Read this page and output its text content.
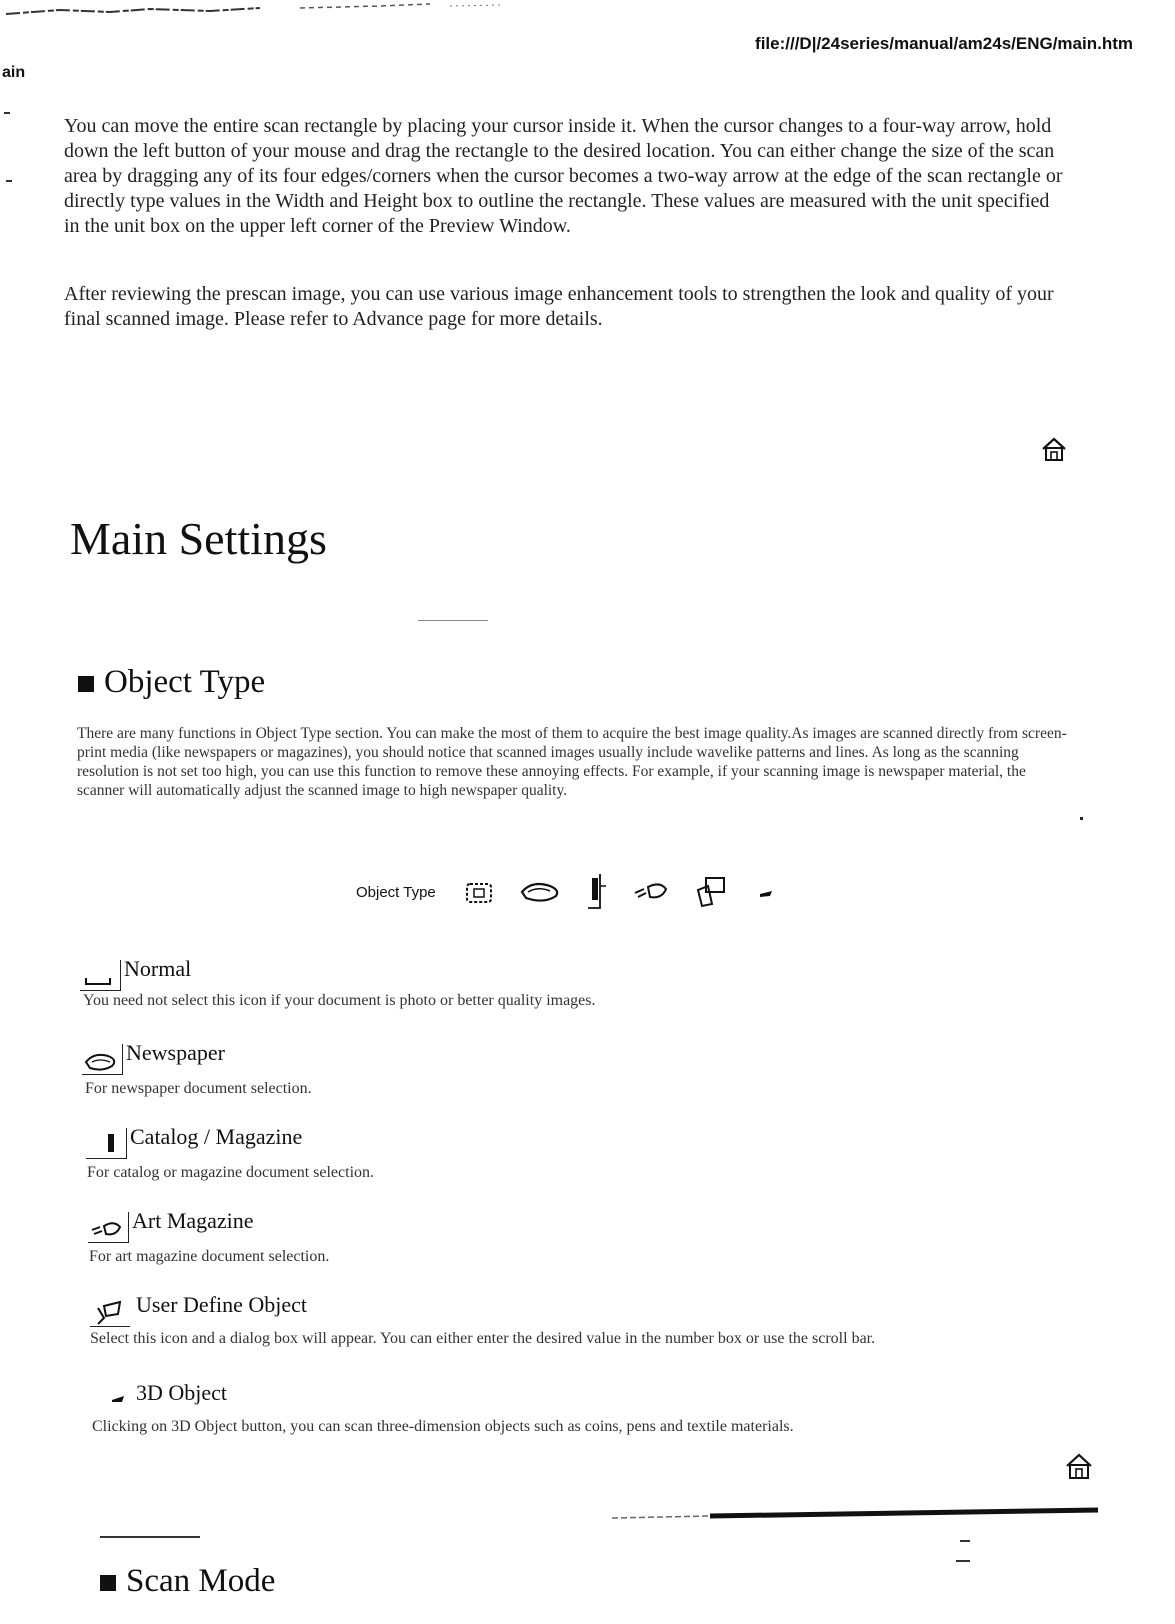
file:///D|/24series/manual/am24s/ENG/main.htm
ain
You can move the entire scan rectangle by placing your cursor inside it. When the cursor changes to a four-way arrow, hold down the left button of your mouse and drag the rectangle to the desired location. You can either change the size of the scan area by dragging any of its four edges/corners when the cursor becomes a two-way arrow at the edge of the scan rectangle or directly type values in the Width and Height box to outline the rectangle. These values are measured with the unit specified in the unit box on the upper left corner of the Preview Window.
After reviewing the prescan image, you can use various image enhancement tools to strengthen the look and quality of your final scanned image. Please refer to Advance page for more details.
Main Settings
Object Type
There are many functions in Object Type section. You can make the most of them to acquire the best image quality.As images are scanned directly from screen-print media (like newspapers or magazines), you should notice that scanned images usually include wavelike patterns and lines. As long as the scanning resolution is not set too high, you can use this function to remove these annoying effects. For example, if your scanning image is newspaper material, the scanner will automatically adjust the scanned image to high newspaper quality.
Object Type
Normal
You need not select this icon if your document is photo or better quality images.
Newspaper
For newspaper document selection.
Catalog / Magazine
For catalog or magazine document selection.
Art Magazine
For art magazine document selection.
User Define Object
Select this icon and a dialog box will appear. You can either enter the desired value in the number box or use the scroll bar.
3D Object
Clicking on 3D Object button, you can scan three-dimension objects such as coins, pens and textile materials.
Scan Mode
